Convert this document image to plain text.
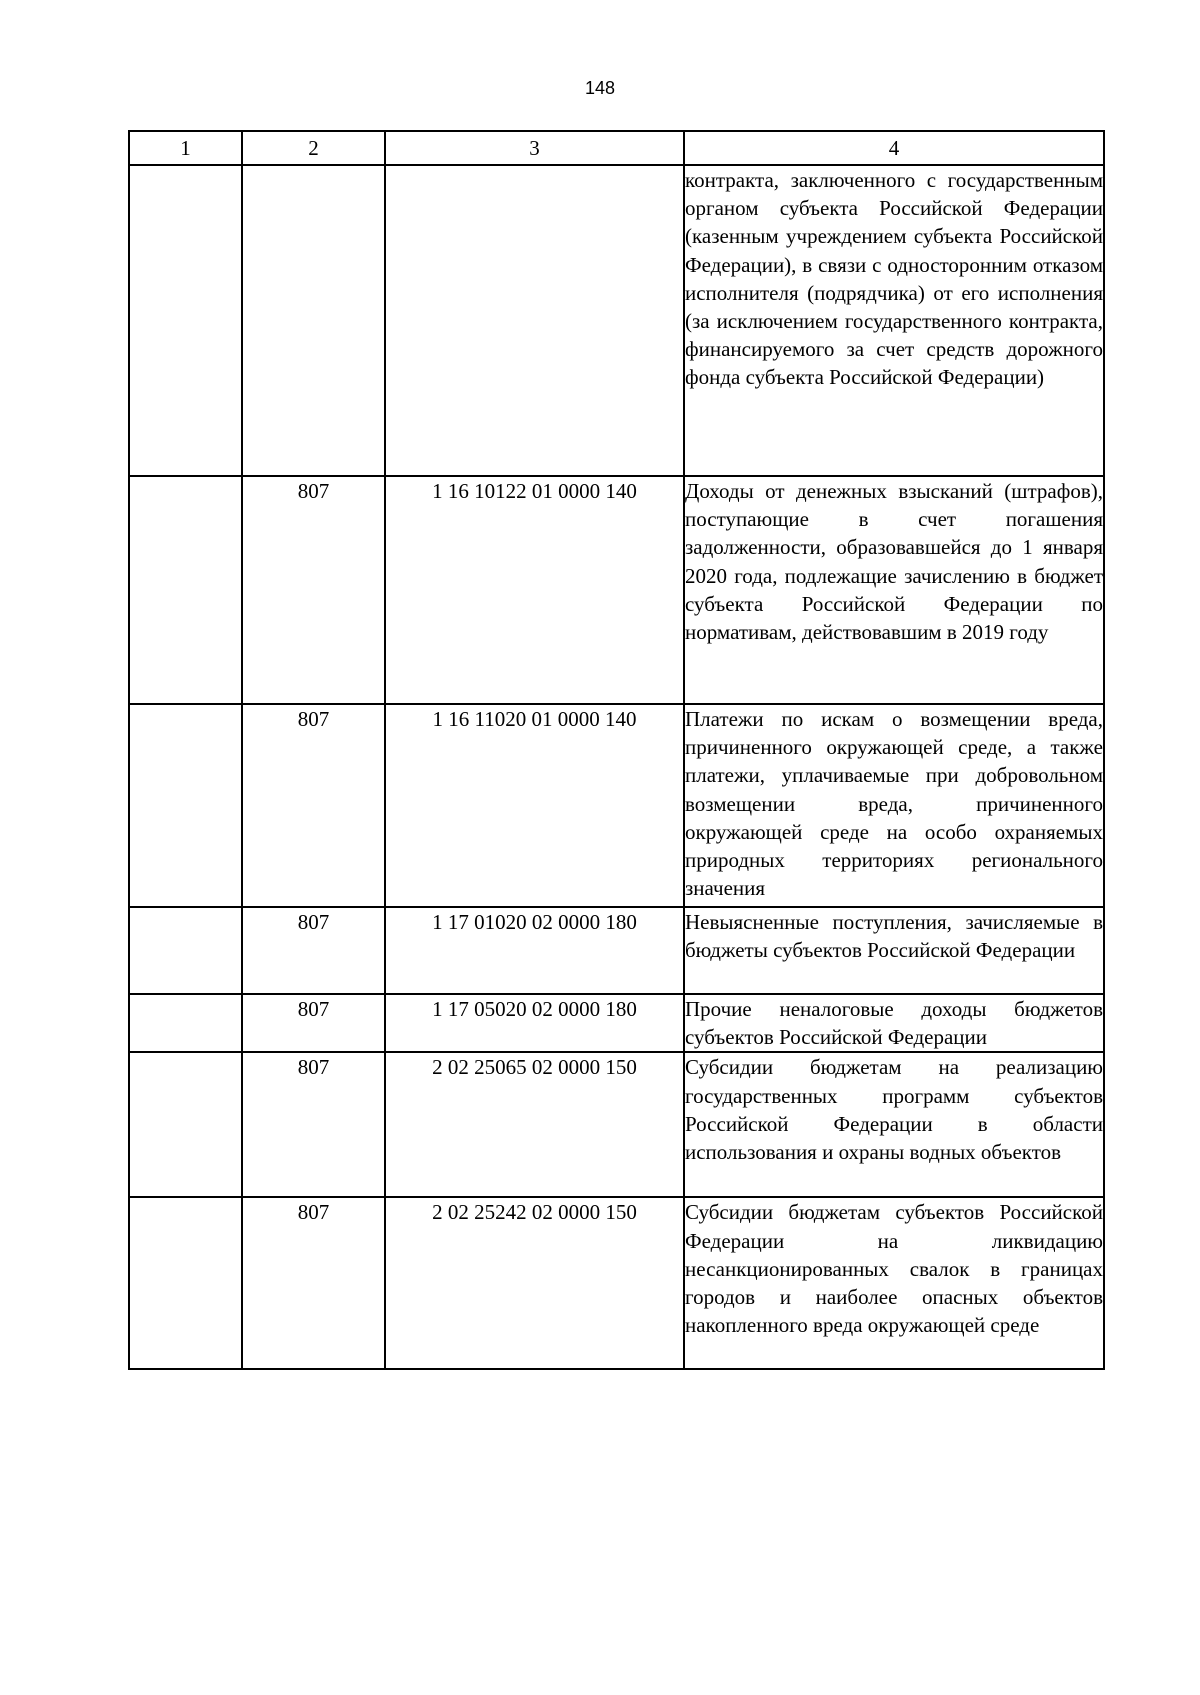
148
1	2	3	4
			контракта, заключенного с государственным органом субъекта Российской Федерации (казенным учреждением субъекта Российской Федерации), в связи с односторонним отказом исполнителя (подрядчика) от его исполнения (за исключением государственного контракта, финансируемого за счет средств дорожного фонда субъекта Российской Федерации)
	807	1 16 10122 01 0000 140	Доходы от денежных взысканий (штрафов), поступающие в счет погашения задолженности, образовавшейся до 1 января 2020 года, подлежащие зачислению в бюджет субъекта Российской Федерации по нормативам, действовавшим в 2019 году
	807	1 16 11020 01 0000 140	Платежи по искам о возмещении вреда, причиненного окружающей среде, а также платежи, уплачиваемые при добровольном возмещении вреда, причиненного окружающей среде на особо охраняемых природных территориях регионального значения
	807	1 17 01020 02 0000 180	Невыясненные поступления, зачисляемые в бюджеты субъектов Российской Федерации
	807	1 17 05020 02 0000 180	Прочие неналоговые доходы бюджетов субъектов Российской Федерации
	807	2 02 25065 02 0000 150	Субсидии бюджетам на реализацию государственных программ субъектов Российской Федерации в области использования и охраны водных объектов
	807	2 02 25242 02 0000 150	Субсидии бюджетам субъектов Российской Федерации на ликвидацию несанкционированных свалок в границах городов и наиболее опасных объектов накопленного вреда окружающей среде
